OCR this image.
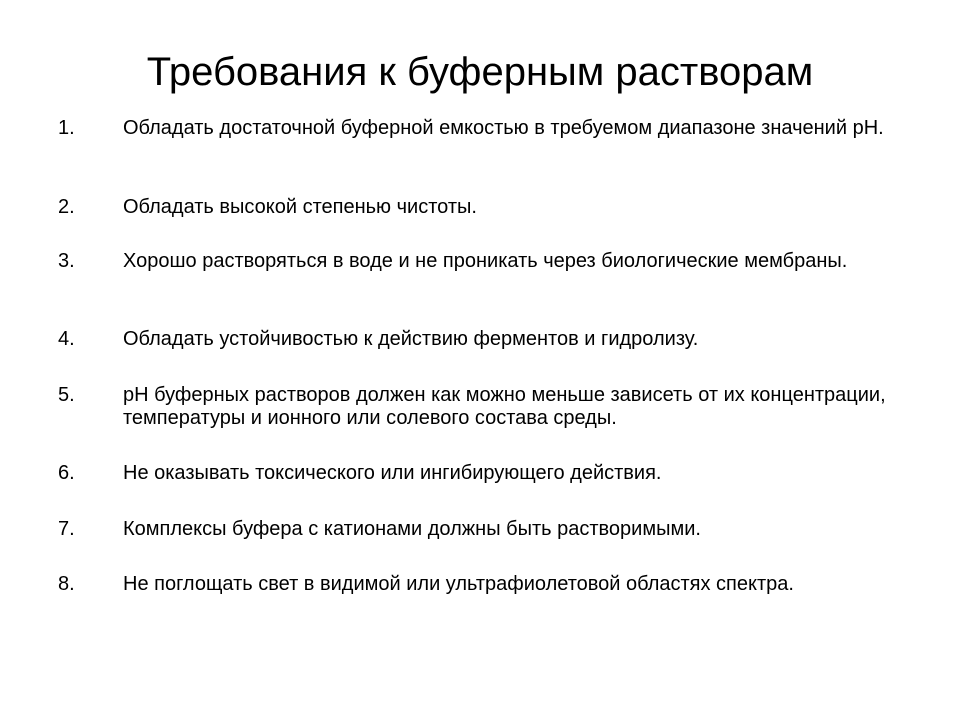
Требования к буферным растворам
1. Обладать достаточной буферной емкостью в требуемом диапазоне значений рН.
2. Обладать высокой степенью чистоты.
3. Хорошо растворяться в воде и не проникать через биологические мембраны.
4. Обладать устойчивостью к действию ферментов и гидролизу.
5. рН буферных растворов должен как можно меньше зависеть от их концентрации, температуры и ионного или солевого состава среды.
6. Не оказывать токсического или ингибирующего действия.
7. Комплексы буфера с катионами должны быть растворимыми.
8. Не поглощать свет в видимой или ультрафиолетовой областях спектра.
